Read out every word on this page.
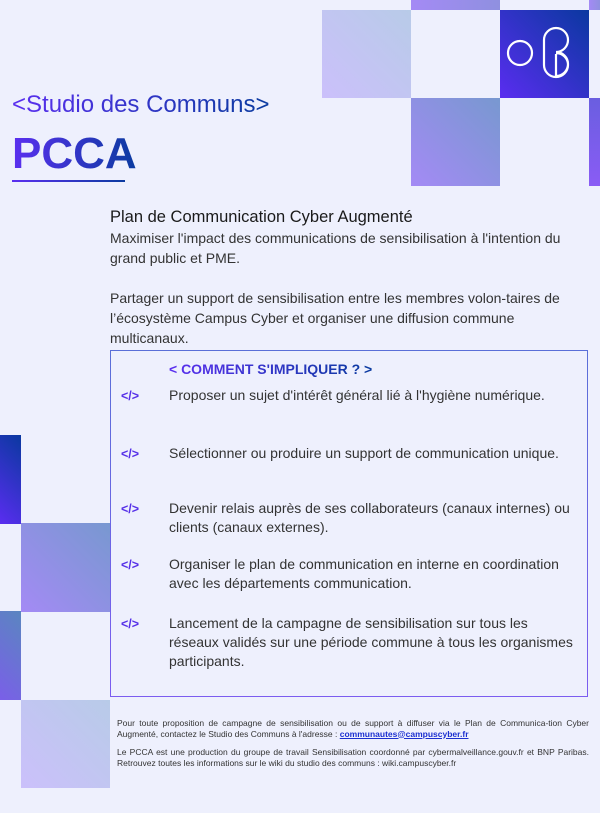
<Studio des Communs>
PCCA
Plan de Communication Cyber Augmenté

Maximiser l'impact des communications de sensibilisation à l'intention du grand public et PME.

Partager un support de sensibilisation entre les membres volon-taires de l’écosystème Campus Cyber et organiser une diffusion commune multicanaux.

< COMMENT S'IMPLIQUER ? >
</> Proposer un sujet d'intérêt général lié à l'hygiène numérique.
</> Sélectionner ou produire un support de communication unique.
</> Devenir relais auprès de ses collaborateurs (canaux internes) ou clients (canaux externes).
</> Organiser le plan de communication en interne en coordination avec les départements communication.
</> Lancement de la campagne de sensibilisation sur tous les réseaux validés sur une période commune à tous les organismes participants.

Pour toute proposition de campagne de sensibilisation ou de support à diffuser via le Plan de Communica-tion Cyber Augmenté, contactez le Studio des Communs à l'adresse : communautes@campuscyber.fr

Le PCCA est une production du groupe de travail Sensibilisation coordonné par cybermalveillance.gouv.fr et BNP Paribas. Retrouvez toutes les informations sur le wiki du studio des communs : wiki.campuscyber.fr
